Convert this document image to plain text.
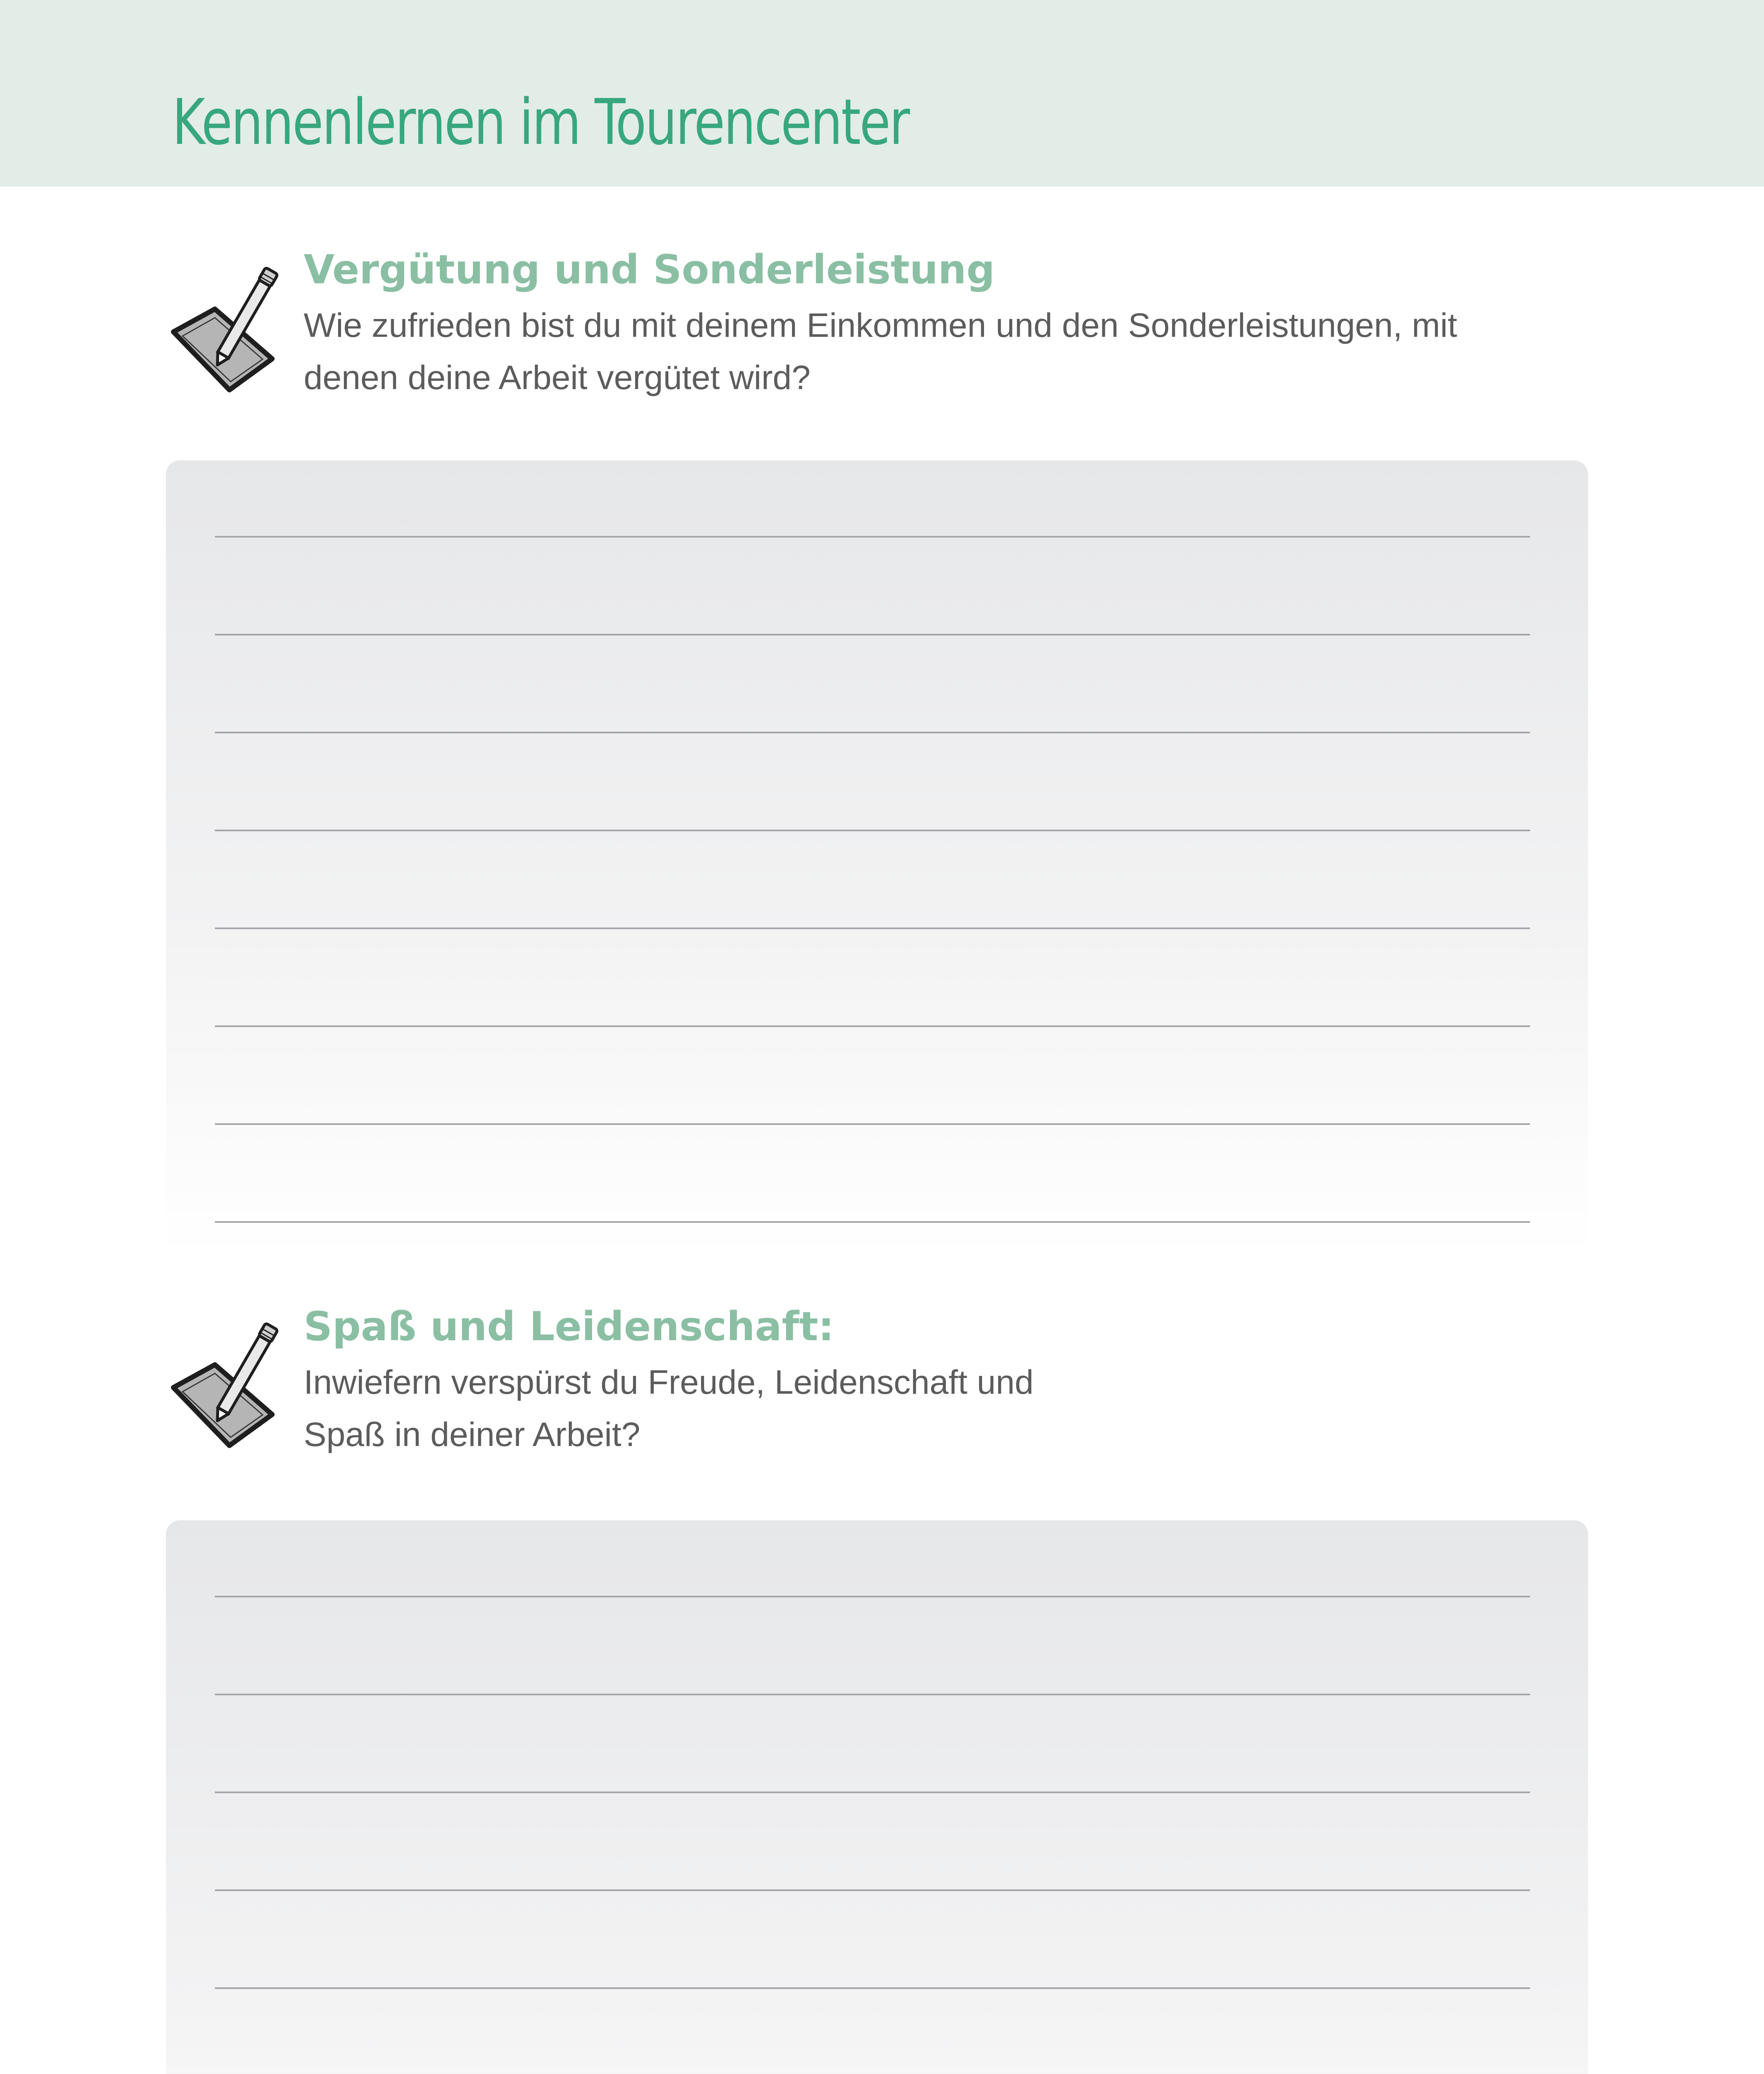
Kennenlernen im Tourencenter
Vergütung und Sonderleistung
Wie zufrieden bist du mit deinem Einkommen und den Sonderleistungen, mit
denen deine Arbeit vergütet wird?
Spaß und Leidenschaft:
Inwiefern verspürst du Freude, Leidenschaft und
Spaß in deiner Arbeit?
